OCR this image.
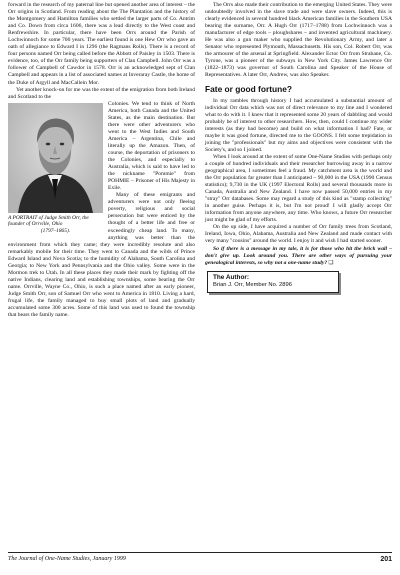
forward in the research of my paternal line but opened another area of interest – the Orr origins in Scotland. From reading about the The Plantation and the history of the Montgomery and Hamilton families who settled the larger parts of Co. Antrim and Co. Down from circa 1606, there was a lead directly to the West coast and Renfrewshire. In particular, there have been Orrs around the Parish of Lochwinnoch for some 700 years. The earliest found is one Hew Orr who gave an oath of allegiance to Edward I in 1296 (the Ragmans Rolls). There is a record of four persons named Orr being called before the Abbott of Paisley in 1503. There is evidence, too, of the Orr family being supporters of Clan Campbell. John Orr was a follower of Campbell of Cawdor in 1578. Orr is an acknowledged sept of Clan Campbell and appears in a list of associated names at Inveraray Castle, the home of the Duke of Argyll and MacCallein Mor.

Yet another knock-on for me was the extent of the emigration from both Ireland and Scotland to the

A PORTRAIT of Judge Smith Orr, the founder of Orrville, Ohio
(1797–1865).

Colonies. We tend to think of North America, both Canada and the United States, as the main destination. But there were other adventurers who went to the West Indies and South America – Argentina, Chile and literally up the Amazon. Then, of course, the deportation of prisoners to the Colonies, and especially to Australia, which is said to have led to the nickname "Pommie" from POHMIE – Prisoner of His Majesty in Exile.

Many of these emigrants and adventurers were not only fleeing poverty, religious and social persecution but were enticed by the thought of a better life and free or exceedingly cheap land. To many, anything was better than the environment from which they came; they were incredibly resolute and also remarkably mobile for their time. They went to Canada and the wilds of Prince Edward Island and Nova Scotia; to the humidity of Alabama, South Carolina and Georgia; to New York and Pennsylvania and the Ohio valley. Some were in the Mormon trek to Utah. In all these places they made their mark by fighting off the native Indians, clearing land and establishing townships, some bearing the Orr name. Orrville, Wayne Co., Ohio, is such a place named after an early pioneer, Judge Smith Orr, son of Samuel Orr who went to America in 1810. Living a hard, frugal life, the family managed to buy small plots of land and gradually accumulated some 300 acres. Some of this land was used to found the township that bears the family name.

The Orrs also made their contribution to the emerging United States. They were undoubtedly involved in the slave trade and were slave owners. Indeed, this is clearly evidenced in several hundred black American families in the Southern USA bearing the surname, Orr. A Hugh Orr (1717–1788) from Lochwinnoch was a manufacturer of edge tools – ploughshares – and invented agricultural machinery. He was also a gun maker who supplied the Revolutionary Army, and later a Senator who represented Plymouth, Massachusetts. His son, Col. Robert Orr, was the armourer of the arsenal at Springfield. Alexander Ector Orr from Strabane, Co. Tyrone, was a pioneer of the subways in New York City. James Lawrence Orr (1822–1873) was governor of South Carolina and Speaker of the House of Representatives. A later Orr, Andrew, was also Speaker.

Fate or good fortune?

In my rambles through history I had accumulated a substantial amount of individual Orr data which was not of direct relevance to my line and I wondered what to do with it. I knew that it represented some 20 years of dabbling and would probably be of interest to other researchers. How, then, could I continue my wider interests (as they had become) and build on what information I had? Fate, or maybe it was good fortune, directed me to the GOONS. I felt some trepidation in joining the "professionals" but my aims and objectives were consistent with the Society's, and so I joined.

When I look around at the extent of some One-Name Studies with perhaps only a couple of hundred individuals and their researcher burrowing away in a narrow geographical area, I sometimes feel a fraud. My catchment area is the world and the Orr population far greater than I anticipated – 90,000 in the USA (1990 Census statistics); 9,730 in the UK (1997 Electoral Rolls) and several thousands more in Canada, Australia and New Zealand. I have now passed 50,000 entries in my "stray" Orr databases. Some may regard a study of this kind as "stamp collecting" in another guise. Perhaps it is, but I'm not proud! I will gladly accept Orr information from anyone anywhere, any time. Who knows, a future Orr researcher just might be glad of my efforts.

On the up side, I have acquired a number of Orr family trees from Scotland, Ireland, Iowa, Ohio, Alabama, Australia and New Zealand and made contact with very many "cousins" around the world. I enjoy it and wish I had started sooner.

So if there is a message in my tale, it is for those who hit the brick wall – don't give up. Look around you. There are other ways of pursuing your genealogical interests, so why not a one-name study? ❑

The Author:
Brian J. Orr, Member No. 2896
The Journal of One-Name Studies, January 1999	201
